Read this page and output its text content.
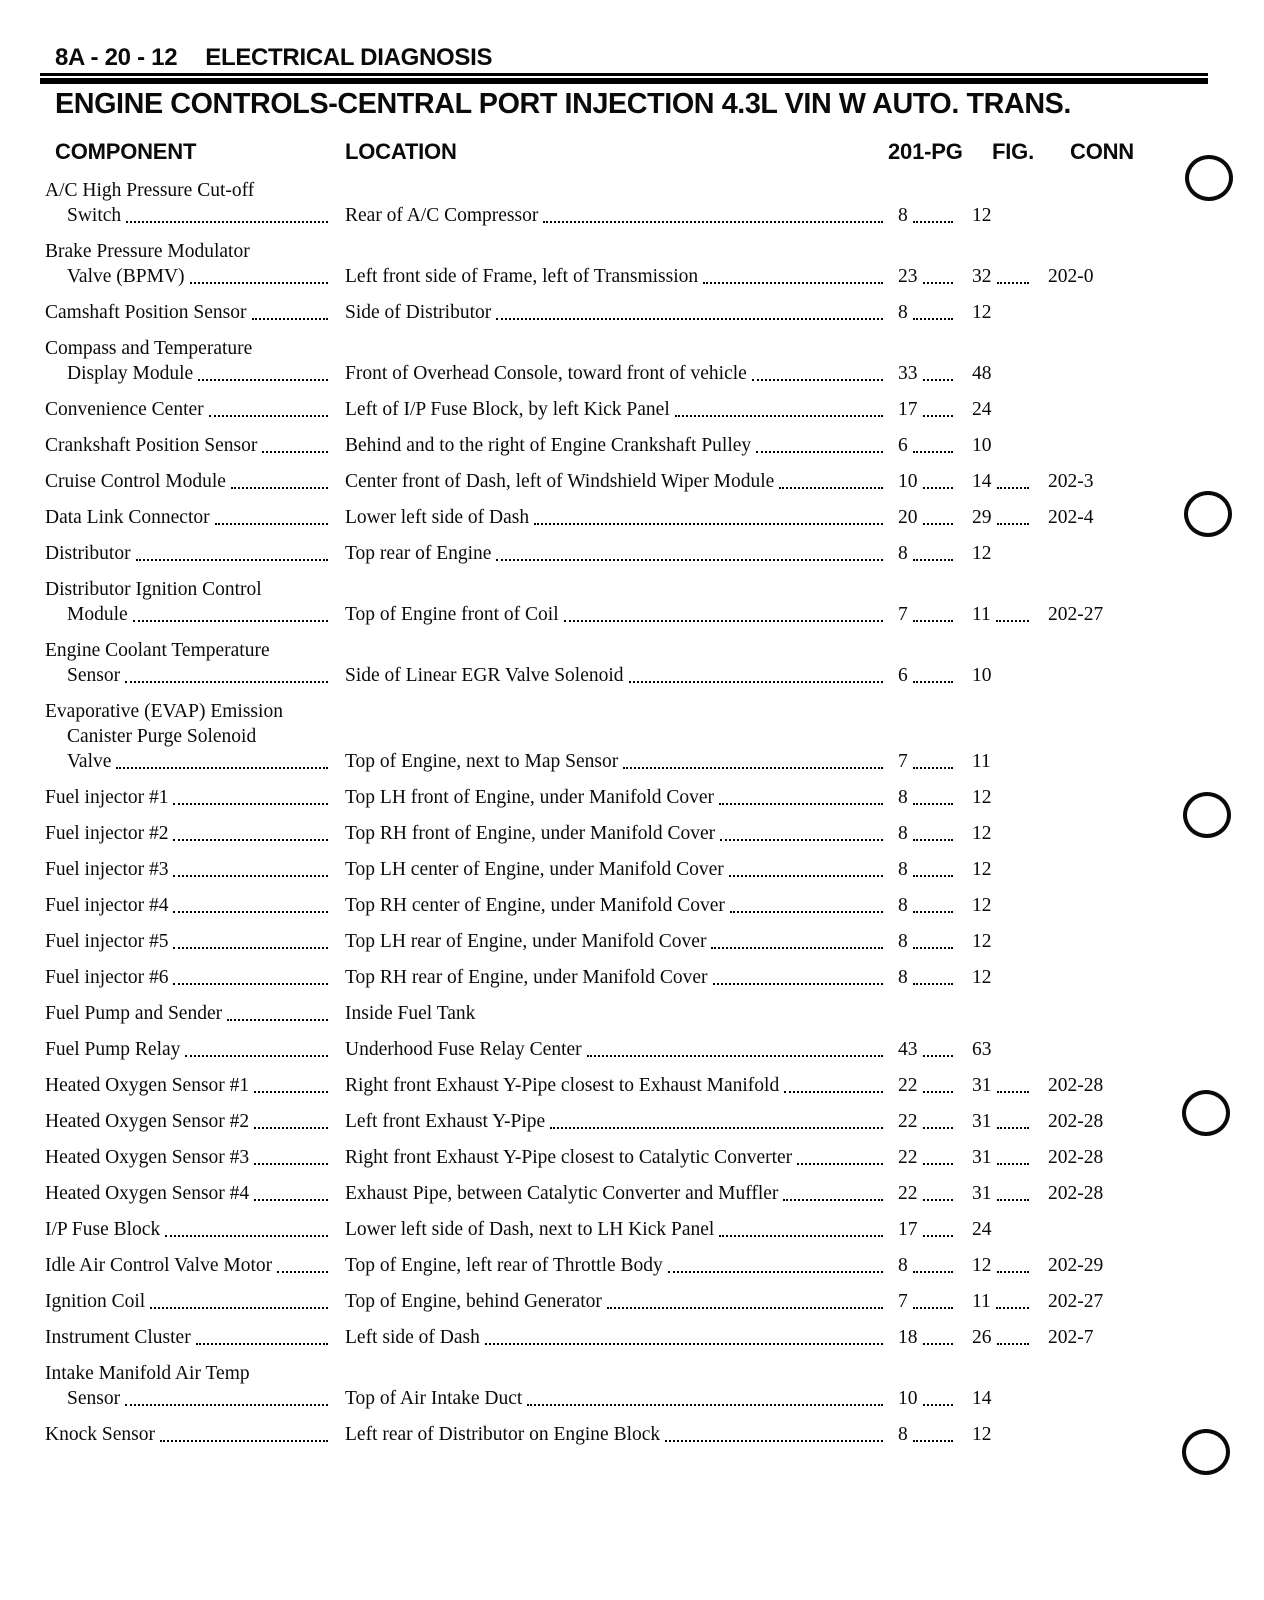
8A - 20 - 12 ELECTRICAL DIAGNOSIS
ENGINE CONTROLS-CENTRAL PORT INJECTION 4.3L VIN W AUTO. TRANS.
COMPONENT	LOCATION	201-PG FIG. CONN
A/C High Pressure Cut-off
Switch	Rear of A/C Compressor	8	12
Brake Pressure Modulator
Valve (BPMV)	Left front side of Frame, left of Transmission	23	32	202-0
Camshaft Position Sensor	Side of Distributor	8	12
Compass and Temperature
Display Module	Front of Overhead Console, toward front of vehicle	33	48
Convenience Center	Left of I/P Fuse Block, by left Kick Panel	17	24
Crankshaft Position Sensor	Behind and to the right of Engine Crankshaft Pulley	6	10
Cruise Control Module	Center front of Dash, left of Windshield Wiper Module	10	14	202-3
Data Link Connector	Lower left side of Dash	20	29	202-4
Distributor	Top rear of Engine	8	12
Distributor Ignition Control
Module	Top of Engine front of Coil	7	11	202-27
Engine Coolant Temperature
Sensor	Side of Linear EGR Valve Solenoid	6	10
Evaporative (EVAP) Emission
Canister Purge Solenoid
Valve	Top of Engine, next to Map Sensor	7	11
Fuel injector #1	Top LH front of Engine, under Manifold Cover	8	12
Fuel injector #2	Top RH front of Engine, under Manifold Cover	8	12
Fuel injector #3	Top LH center of Engine, under Manifold Cover	8	12
Fuel injector #4	Top RH center of Engine, under Manifold Cover	8	12
Fuel injector #5	Top LH rear of Engine, under Manifold Cover	8	12
Fuel injector #6	Top RH rear of Engine, under Manifold Cover	8	12
Fuel Pump and Sender	Inside Fuel Tank
Fuel Pump Relay	Underhood Fuse Relay Center	43	63
Heated Oxygen Sensor #1	Right front Exhaust Y-Pipe closest to Exhaust Manifold	22	31	202-28
Heated Oxygen Sensor #2	Left front Exhaust Y-Pipe	22	31	202-28
Heated Oxygen Sensor #3	Right front Exhaust Y-Pipe closest to Catalytic Converter	22	31	202-28
Heated Oxygen Sensor #4	Exhaust Pipe, between Catalytic Converter and Muffler	22	31	202-28
I/P Fuse Block	Lower left side of Dash, next to LH Kick Panel	17	24
Idle Air Control Valve Motor	Top of Engine, left rear of Throttle Body	8	12	202-29
Ignition Coil	Top of Engine, behind Generator	7	11	202-27
Instrument Cluster	Left side of Dash	18	26	202-7
Intake Manifold Air Temp
Sensor	Top of Air Intake Duct	10	14
Knock Sensor	Left rear of Distributor on Engine Block	8	12
